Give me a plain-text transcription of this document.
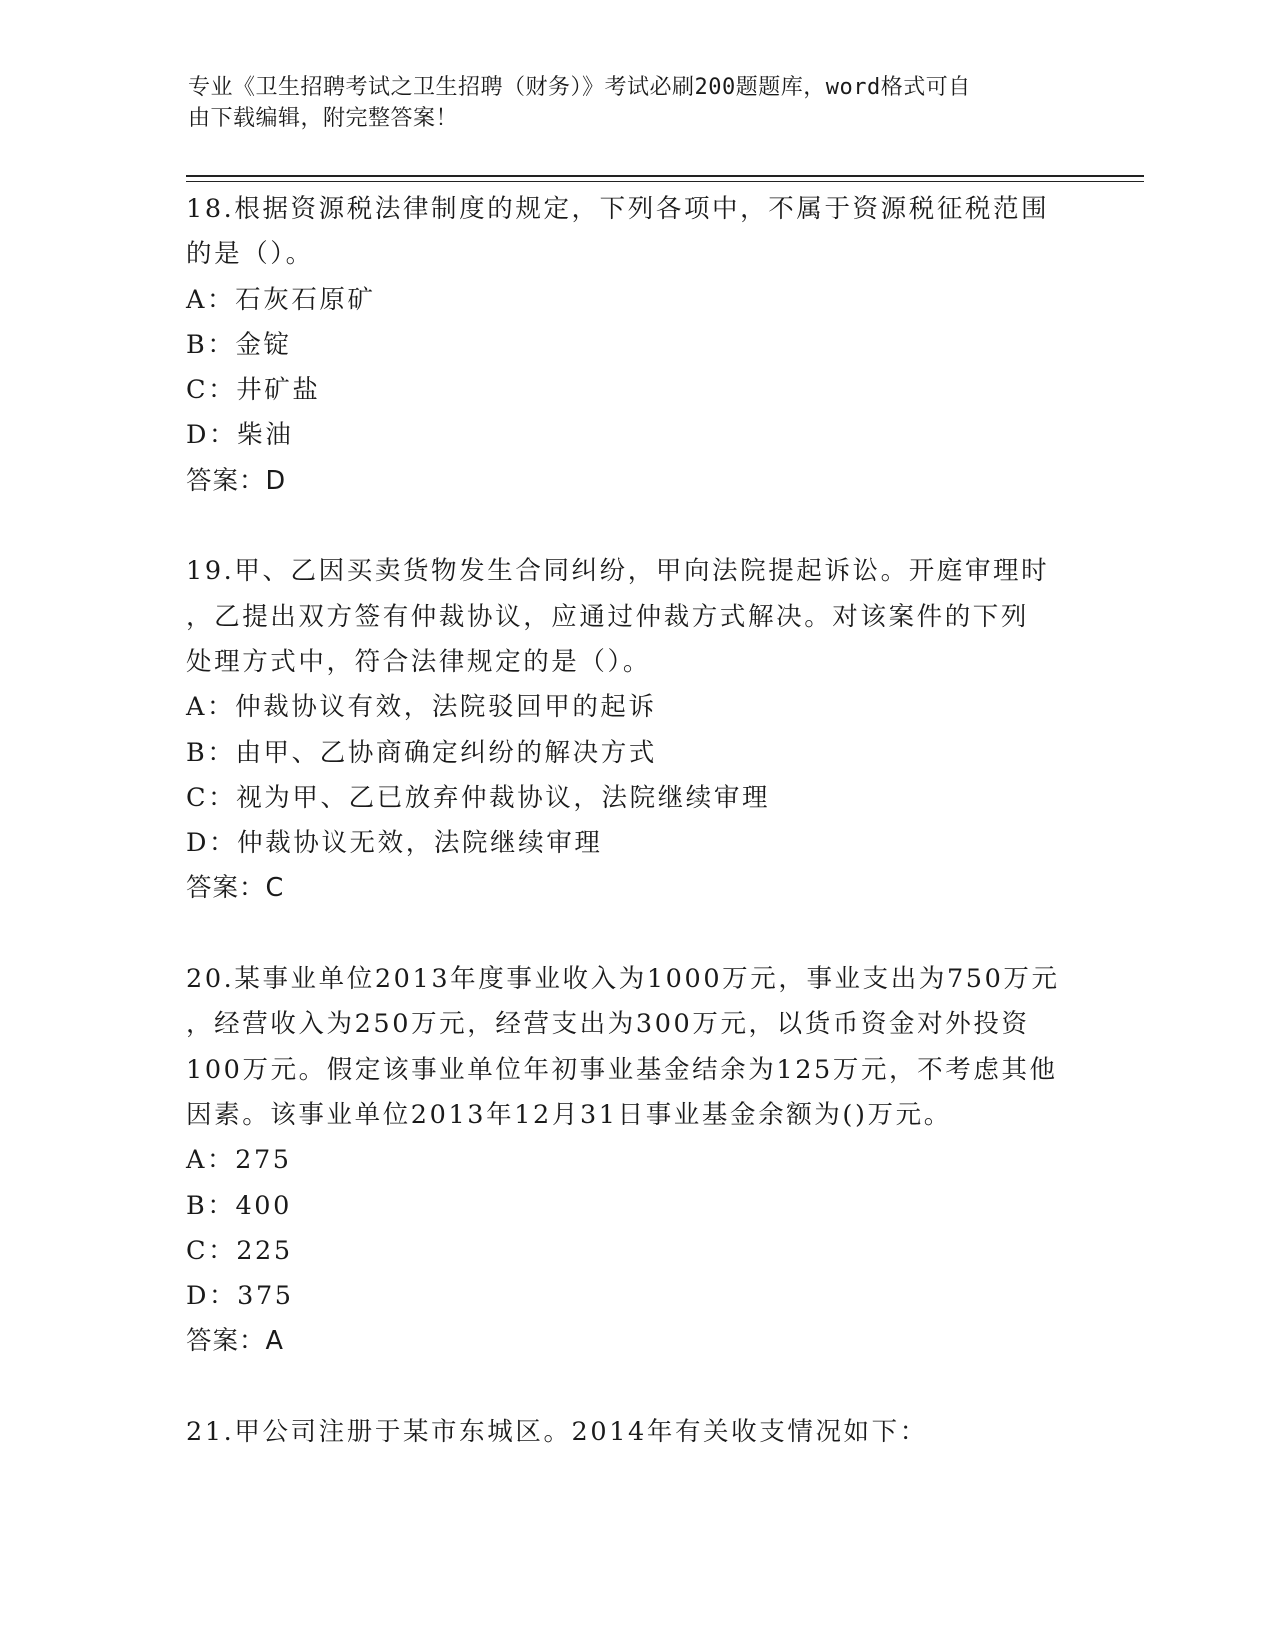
专业《卫生招聘考试之卫生招聘（财务）》考试必刷200题题库，word格式可自
由下载编辑，附完整答案！
18.根据资源税法律制度的规定，下列各项中，不属于资源税征税范围
的是（）。
A：石灰石原矿
B：金锭
C：井矿盐
D：柴油
答案：D
19.甲、乙因买卖货物发生合同纠纷，甲向法院提起诉讼。开庭审理时
，乙提出双方签有仲裁协议，应通过仲裁方式解决。对该案件的下列
处理方式中，符合法律规定的是（）。
A：仲裁协议有效，法院驳回甲的起诉
B：由甲、乙协商确定纠纷的解决方式
C：视为甲、乙已放弃仲裁协议，法院继续审理
D：仲裁协议无效，法院继续审理
答案：C
20.某事业单位2013年度事业收入为1000万元，事业支出为750万元
，经营收入为250万元，经营支出为300万元，以货币资金对外投资
100万元。假定该事业单位年初事业基金结余为125万元，不考虑其他
因素。该事业单位2013年12月31日事业基金余额为()万元。
A：275
B：400
C：225
D：375
答案：A
21.甲公司注册于某市东城区。2014年有关收支情况如下：
